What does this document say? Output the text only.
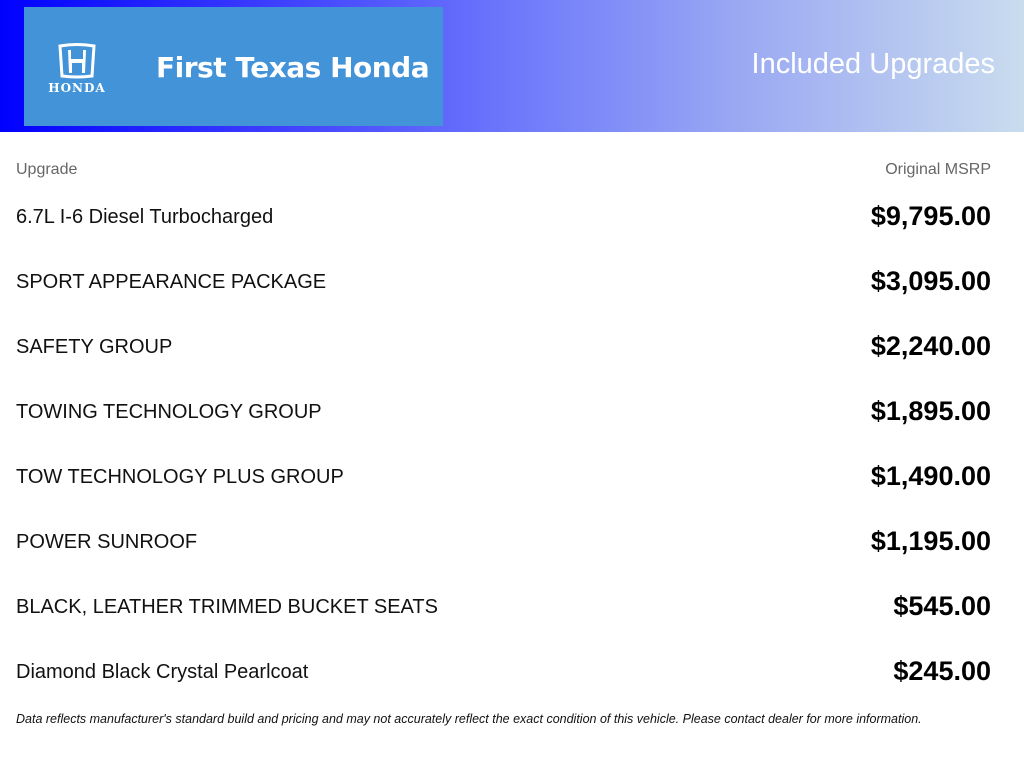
HONDA
First Texas Honda	Included Upgrades
Upgrade	Original MSRP
6.7L I-6 Diesel Turbocharged	$9,795.00
SPORT APPEARANCE PACKAGE	$3,095.00
SAFETY GROUP	$2,240.00
TOWING TECHNOLOGY GROUP	$1,895.00
TOW TECHNOLOGY PLUS GROUP	$1,490.00
POWER SUNROOF	$1,195.00
BLACK, LEATHER TRIMMED BUCKET SEATS	$545.00
Diamond Black Crystal Pearlcoat	$245.00
Data reflects manufacturer's standard build and pricing and may not accurately reflect the exact condition of this vehicle. Please contact dealer for more information.
